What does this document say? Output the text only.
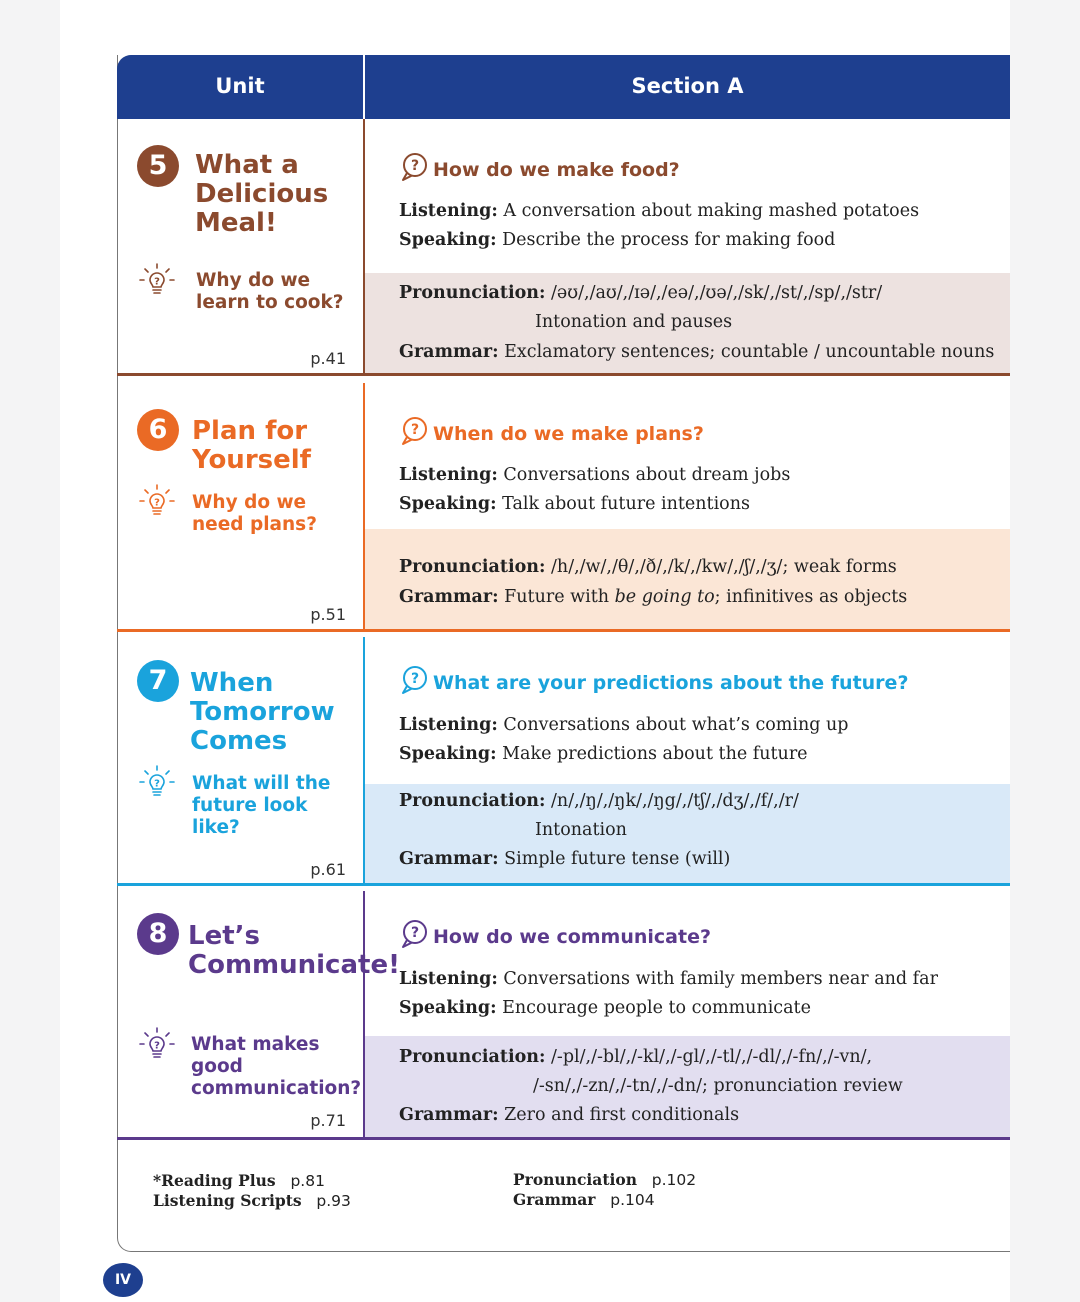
Unit	Section A
5	What a
Delicious
Meal!
? Why do we
learn to cook?
p.41
? How do we make food?
Listening: A conversation about making mashed potatoes
Speaking: Describe the process for making food
Pronunciation: /əʊ/,/aʊ/,/ɪə/,/eə/,/ʊə/,/sk/,/st/,/sp/,/str/
Intonation and pauses
Grammar: Exclamatory sentences; countable / uncountable nouns
6 Plan for
Yourself
? Why do we
need plans?
p.51
? When do we make plans?
Listening: Conversations about dream jobs
Speaking: Talk about future intentions
Pronunciation: /h/,/w/,/θ/,/ð/,/k/,/kw/,/ʃ/,/ʒ/; weak forms
Grammar: Future with be going to; infinitives as objects
7 When
Tomorrow
Comes
? What will the
future look
like?
p.61
? What are your predictions about the future?
Listening: Conversations about what’s coming up
Speaking: Make predictions about the future
Pronunciation: /n/,/ŋ/,/ŋk/,/ŋg/,/tʃ/,/dʒ/,/f/,/r/
Intonation
Grammar: Simple future tense (will)
8 Let’s
Communicate!
? What makes
good
communication?
p.71
? How do we communicate?
Listening: Conversations with family members near and far
Speaking: Encourage people to communicate
Pronunciation: /-pl/,/-bl/,/-kl/,/-gl/,/-tl/,/-dl/,/-fn/,/-vn/,
/-sn/,/-zn/,/-tn/,/-dn/; pronunciation review
Grammar: Zero and first conditionals
*Reading Plus p.81
Listening Scripts p.93
Pronunciation p.102
Grammar p.104
IV
